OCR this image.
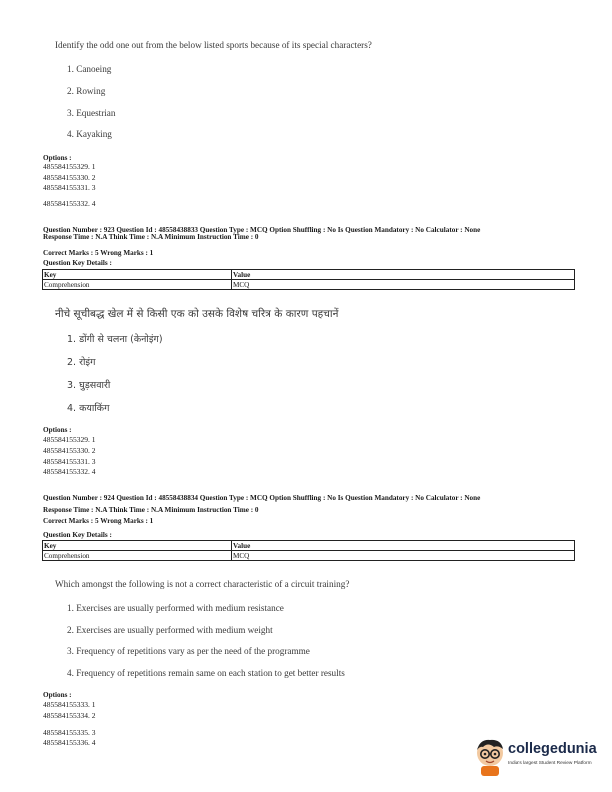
Identify the odd one out from the below listed sports because of its special characters?
1. Canoeing
2. Rowing
3. Equestrian
4. Kayaking
Options :
485584155329. 1
485584155330. 2
485584155331. 3
485584155332. 4
Question Number : 923 Question Id : 48558438833 Question Type : MCQ Option Shuffling : No Is Question Mandatory : No Calculator : None
Response Time : N.A Think Time : N.A Minimum Instruction Time : 0
Correct Marks : 5 Wrong Marks : 1
Question Key Details :
Key	Value
Comprehension	MCQ
नीचे सूचीबद्ध खेल में से किसी एक को उसके विशेष चरित्र के कारण पहचानें
1. डोंगी से चलना (केनोइंग)
2. रोइंग
3. घुड़सवारी
4. कयाकिंग
Options :
485584155329. 1
485584155330. 2
485584155331. 3
485584155332. 4
Question Number : 924 Question Id : 48558438834 Question Type : MCQ Option Shuffling : No Is Question Mandatory : No Calculator : None
Response Time : N.A Think Time : N.A Minimum Instruction Time : 0
Correct Marks : 5 Wrong Marks : 1
Question Key Details :
Key	Value
Comprehension	MCQ
Which amongst the following is not a correct characteristic of a circuit training?
1. Exercises are usually performed with medium resistance
2. Exercises are usually performed with medium weight
3. Frequency of repetitions vary as per the need of the programme
4. Frequency of repetitions remain same on each station to get better results
Options :
485584155333. 1
485584155334. 2
485584155335. 3
485584155336. 4	collegedunia
India's largest Student Review Platform
